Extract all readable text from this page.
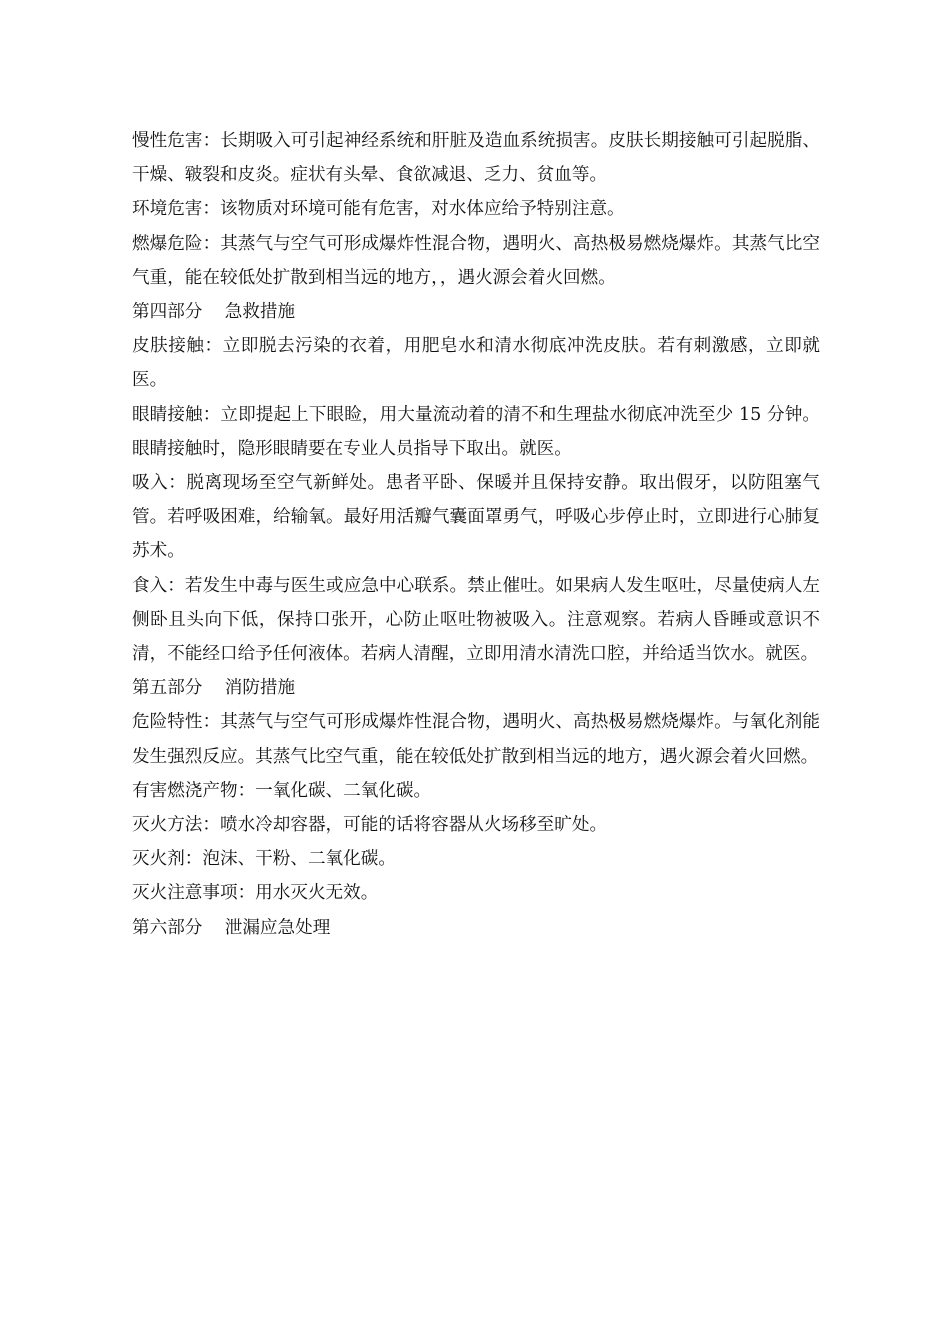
慢性危害：长期吸入可引起神经系统和肝脏及造血系统损害。皮肤长期接触可引起脱脂、干燥、皲裂和皮炎。症状有头晕、食欲减退、乏力、贫血等。

环境危害：该物质对环境可能有危害，对水体应给予特别注意。

燃爆危险：其蒸气与空气可形成爆炸性混合物，遇明火、高热极易燃烧爆炸。其蒸气比空气重，能在较低处扩散到相当远的地方，，遇火源会着火回燃。

第四部分    急救措施

皮肤接触：立即脱去污染的衣着，用肥皂水和清水彻底冲洗皮肤。若有刺激感，立即就医。

眼睛接触：立即提起上下眼睑，用大量流动着的清不和生理盐水彻底冲洗至少 15 分钟。眼睛接触时，隐形眼睛要在专业人员指导下取出。就医。

吸入：脱离现场至空气新鲜处。患者平卧、保暖并且保持安静。取出假牙，以防阻塞气管。若呼吸困难，给输氧。最好用活瓣气囊面罩勇气，呼吸心步停止时，立即进行心肺复苏术。

食入：若发生中毒与医生或应急中心联系。禁止催吐。如果病人发生呕吐，尽量使病人左侧卧且头向下低，保持口张开，心防止呕吐物被吸入。注意观察。若病人昏睡或意识不清，不能经口给予任何液体。若病人清醒，立即用清水清洗口腔，并给适当饮水。就医。

第五部分    消防措施

危险特性：其蒸气与空气可形成爆炸性混合物，遇明火、高热极易燃烧爆炸。与氧化剂能发生强烈反应。其蒸气比空气重，能在较低处扩散到相当远的地方，遇火源会着火回燃。

有害燃浇产物：一氧化碳、二氧化碳。

灭火方法：喷水冷却容器，可能的话将容器从火场移至旷处。

灭火剂：泡沫、干粉、二氧化碳。

灭火注意事项：用水灭火无效。

第六部分    泄漏应急处理
